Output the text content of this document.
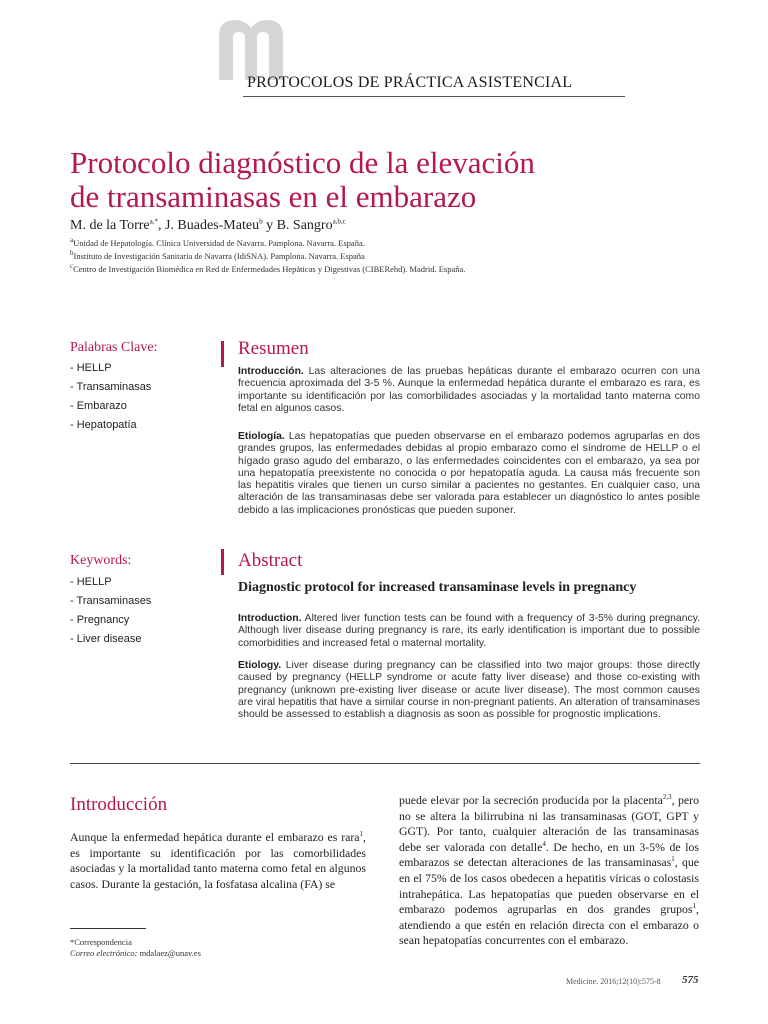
PROTOCOLOS DE PRÁCTICA ASISTENCIAL
Protocolo diagnóstico de la elevación
de transaminasas en el embarazo
M. de la Torre$^{a,*}$, J. Buades-Mateu$^b$ y B. Sangro$^{a,b,c}$
$^a$Unidad de Hepatología. Clínica Universidad de Navarra. Pamplona. Navarra. España.
$^b$Instituto de Investigación Sanitaria de Navarra (IdiSNA). Pamplona. Navarra. España
$^c$Centro de Investigación Biomédica en Red de Enfermedades Hepáticas y Digestivas (CIBERehd). Madrid. España.
Palabras Clave:
- HELLP
- Transaminasas
- Embarazo
- Hepatopatía
Keywords:
- HELLP
- Transaminases
- Pregnancy
- Liver disease
Resumen

Introducción. Las alteraciones de las pruebas hepáticas durante el embarazo ocurren con una frecuencia aproximada del 3-5 %. Aunque la enfermedad hepática durante el embarazo es rara, es importante su identificación por las comorbilidades asociadas y la mortalidad tanto materna como fetal en algunos casos.

Etiología. Las hepatopatías que pueden observarse en el embarazo podemos agruparlas en dos grandes grupos, las enfermedades debidas al propio embarazo como el síndrome de HELLP o el hígado graso agudo del embarazo, o las enfermedades coincidentes con el embarazo, ya sea por una hepatopatía preexistente no conocida o por hepatopatía aguda. La causa más frecuente son las hepatitis virales que tienen un curso similar a pacientes no gestantes. En cualquier caso, una alteración de las transaminasas debe ser valorada para establecer un diagnóstico lo antes posible debido a las implicaciones pronósticas que pueden suponer.

Abstract
Diagnostic protocol for increased transaminase levels in pregnancy

Introduction. Altered liver function tests can be found with a frequency of 3-5% during pregnancy. Although liver disease during pregnancy is rare, its early identification is important due to possible comorbidities and increased fetal o maternal mortality.

Etiology. Liver disease during pregnancy can be classified into two major groups: those directly caused by pregnancy (HELLP syndrome or acute fatty liver disease) and those co-existing with pregnancy (unknown pre-existing liver disease or acute liver disease). The most common causes are viral hepatitis that have a similar course in non-pregnant patients. An alteration of transaminases should be assessed to establish a diagnosis as soon as possible for prognostic implications.

Introducción

Aunque la enfermedad hepática durante el embarazo es rara$^1$, es importante su identificación por las comorbilidades asociadas y la mortalidad tanto materna como fetal en algunos casos. Durante la gestación, la fosfatasa alcalina (FA) se

puede elevar por la secreción producida por la placenta$^{2,3}$, pero no se altera la bilirrubina ni las transaminasas (GOT, GPT y GGT). Por tanto, cualquier alteración de las transaminasas debe ser valorada con detalle$^4$. De hecho, en un 3-5% de los embarazos se detectan alteraciones de las transaminasas$^1$, que en el 75% de los casos obedecen a hepatitis víricas o colostasis intrahepática. Las hepatopatías que pueden observarse en el embarazo podemos agruparlas en dos grandes grupos$^1$, atendiendo a que estén en relación directa con el embarazo o sean hepatopatías concurrentes con el embarazo.

*Correspondencia
Correo electrónico: mdalaez@unav.es
Medicine. 2016;12(10):575-8 575
